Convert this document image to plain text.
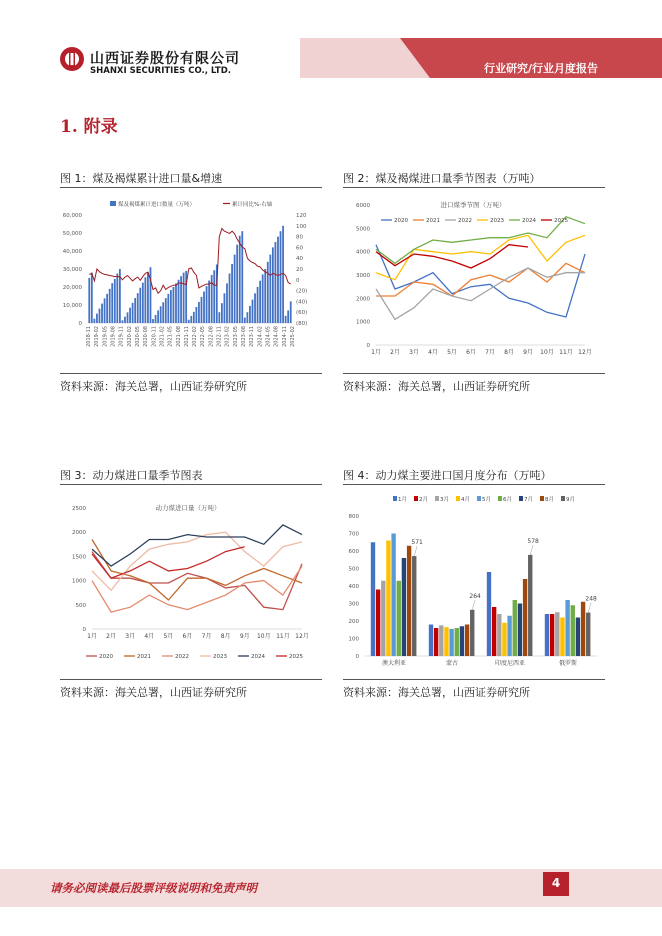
山西证券股份有限公司
SHANXI SECURITIES CO., LTD.	行业研究/行业月度报告
1. 附录
图 1：煤及褐煤累计进口量&增速
煤及褐煤累计进口数量（万吨）	累计同比%-右轴
60,000
50,000
40,000
30,000
20,000
10,000
0
120
100
80
60
40
20
0
(20)
(40)
(60)
(80)
2018-11 2019-02 2019-05 2019-08 2019-11 2020-02 2020-05 2020-08 2020-11 2021-02 2021-05 2021-08 2021-11 2022-02 2022-05 2022-08 2022-11 2023-02 2023-05 2023-08 2023-11 2024-02 2024-05 2024-08 2024-11 2025-02
资料来源：海关总署，山西证券研究所
图 2：煤及褐煤进口量季节图表（万吨）
进口煤季节图（万吨）
6000
5000
4000
3000
2000
1000
0
1月 2月 3月 4月 5月 6月 7月 8月 9月 10月 11月 12月
2020	2021	2022	2023	2024	2025
资料来源：海关总署，山西证券研究所
图 3：动力煤进口量季节图表
动力煤进口量（万吨）
2500
2000
1500
1000
500
0
1月 2月 3月 4月 5月 6月 7月 8月 9月 10月 11月 12月
2020	2021	2022	2023	2024	2025
资料来源：海关总署，山西证券研究所
图 4：动力煤主要进口国月度分布（万吨）
800
700
600
500
400
300
200
100
0
1月 2月 3月 4月 5月 6月 7月 8月 9月
澳大利亚
571
蒙古
264
印度尼西亚
578
俄罗斯
248
资料来源：海关总署，山西证券研究所
请务必阅读最后股票评级说明和免责声明	4
